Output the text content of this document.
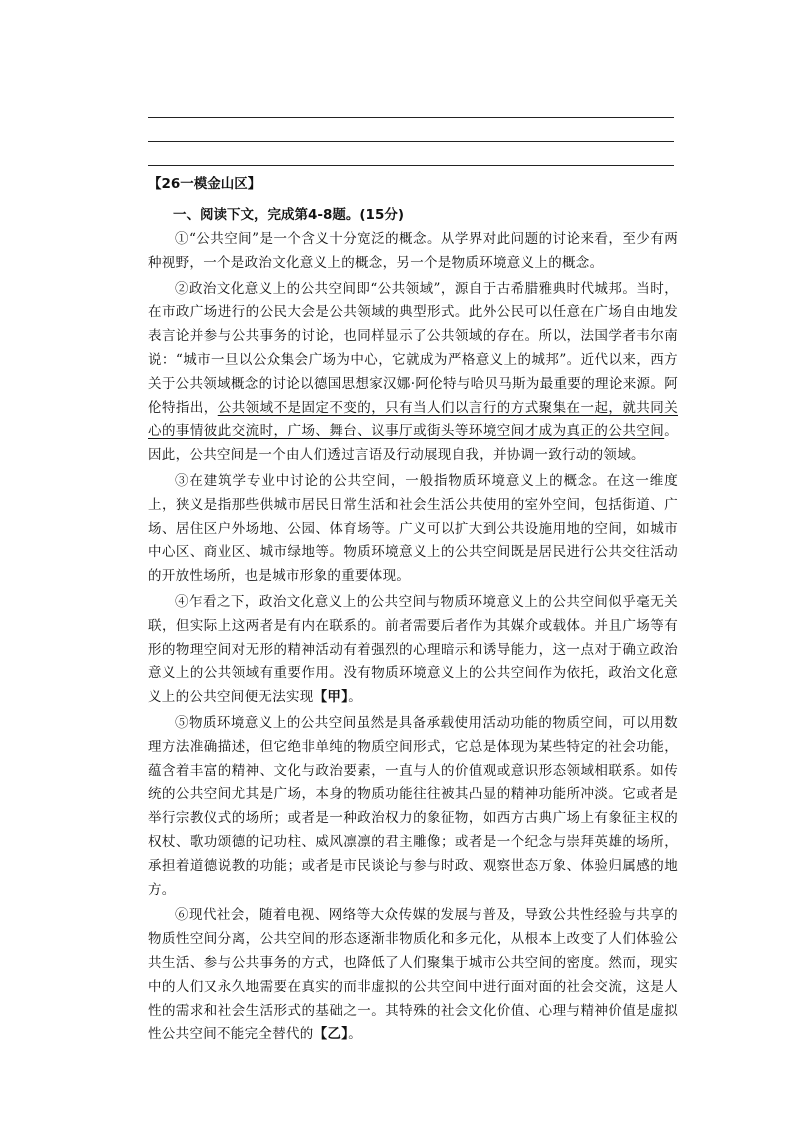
【26一模金山区】
一、阅读下文，完成第4-8题。(15分)

①“公共空间”是一个含义十分宽泛的概念。从学界对此问题的讨论来看，至少有两种视野，一个是政治文化意义上的概念，另一个是物质环境意义上的概念。

②政治文化意义上的公共空间即“公共领域”，源自于古希腊雅典时代城邦。当时，在市政广场进行的公民大会是公共领域的典型形式。此外公民可以任意在广场自由地发表言论并参与公共事务的讨论，也同样显示了公共领域的存在。所以，法国学者韦尔南说：“城市一旦以公众集会广场为中心，它就成为严格意义上的城邦”。近代以来，西方关于公共领域概念的讨论以德国思想家汉娜·阿伦特与哈贝马斯为最重要的理论来源。阿伦特指出，公共领域不是固定不变的，只有当人们以言行的方式聚集在一起，就共同关心的事情彼此交流时，广场、舞台、议事厅或街头等环境空间才成为真正的公共空间。因此，公共空间是一个由人们透过言语及行动展现自我，并协调一致行动的领域。

③在建筑学专业中讨论的公共空间，一般指物质环境意义上的概念。在这一维度上，狭义是指那些供城市居民日常生活和社会生活公共使用的室外空间，包括街道、广场、居住区户外场地、公园、体育场等。广义可以扩大到公共设施用地的空间，如城市中心区、商业区、城市绿地等。物质环境意义上的公共空间既是居民进行公共交往活动的开放性场所，也是城市形象的重要体现。

④乍看之下，政治文化意义上的公共空间与物质环境意义上的公共空间似乎毫无关联，但实际上这两者是有内在联系的。前者需要后者作为其媒介或载体。并且广场等有形的物理空间对无形的精神活动有着强烈的心理暗示和诱导能力，这一点对于确立政治意义上的公共领域有重要作用。没有物质环境意义上的公共空间作为依托，政治文化意义上的公共空间便无法实现【甲】。

⑤物质环境意义上的公共空间虽然是具备承载使用活动功能的物质空间，可以用数理方法准确描述，但它绝非单纯的物质空间形式，它总是体现为某些特定的社会功能，蕴含着丰富的精神、文化与政治要素，一直与人的价值观或意识形态领域相联系。如传统的公共空间尤其是广场，本身的物质功能往往被其凸显的精神功能所冲淡。它或者是举行宗教仪式的场所；或者是一种政治权力的象征物，如西方古典广场上有象征主权的权杖、歌功颂德的记功柱、威风凛凛的君主雕像；或者是一个纪念与崇拜英雄的场所，承担着道德说教的功能；或者是市民谈论与参与时政、观察世态万象、体验归属感的地方。

⑥现代社会，随着电视、网络等大众传媒的发展与普及，导致公共性经验与共享的物质性空间分离，公共空间的形态逐渐非物质化和多元化，从根本上改变了人们体验公共生活、参与公共事务的方式，也降低了人们聚集于城市公共空间的密度。然而，现实中的人们又永久地需要在真实的而非虚拟的公共空间中进行面对面的社会交流，这是人性的需求和社会生活形式的基础之一。其特殊的社会文化价值、心理与精神价值是虚拟性公共空间不能完全替代的【乙】。
